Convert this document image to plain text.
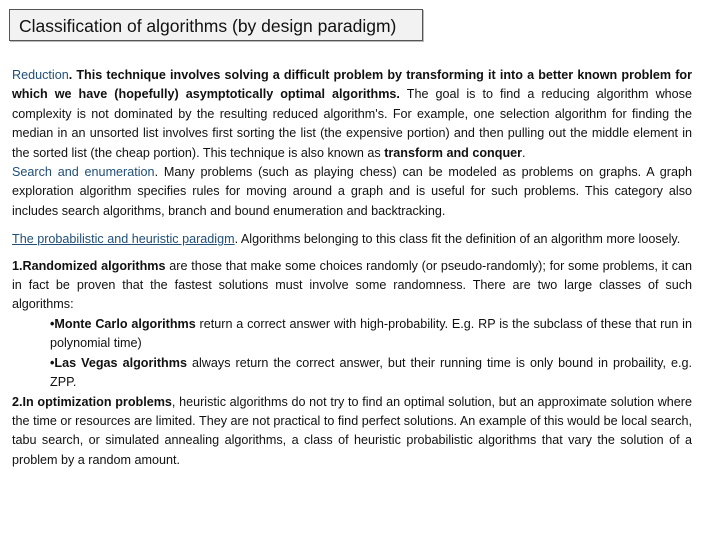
Classification of algorithms (by design paradigm)

Reduction. This technique involves solving a difficult problem by transforming it into a better known problem for which we have (hopefully) asymptotically optimal algorithms. The goal is to find a reducing algorithm whose complexity is not dominated by the resulting reduced algorithm's. For example, one selection algorithm for finding the median in an unsorted list involves first sorting the list (the expensive portion) and then pulling out the middle element in the sorted list (the cheap portion). This technique is also known as transform and conquer.

Search and enumeration. Many problems (such as playing chess) can be modeled as problems on graphs. A graph exploration algorithm specifies rules for moving around a graph and is useful for such problems. This category also includes search algorithms, branch and bound enumeration and backtracking.

The probabilistic and heuristic paradigm. Algorithms belonging to this class fit the definition of an algorithm more loosely.

1.Randomized algorithms are those that make some choices randomly (or pseudo-randomly); for some problems, it can in fact be proven that the fastest solutions must involve some randomness. There are two large classes of such algorithms:

•Monte Carlo algorithms return a correct answer with high-probability. E.g. RP is the subclass of these that run in polynomial time)

•Las Vegas algorithms always return the correct answer, but their running time is only bound in probaility, e.g. ZPP.

2.In optimization problems, heuristic algorithms do not try to find an optimal solution, but an approximate solution where the time or resources are limited. They are not practical to find perfect solutions. An example of this would be local search, tabu search, or simulated annealing algorithms, a class of heuristic probabilistic algorithms that vary the solution of a problem by a random amount.
